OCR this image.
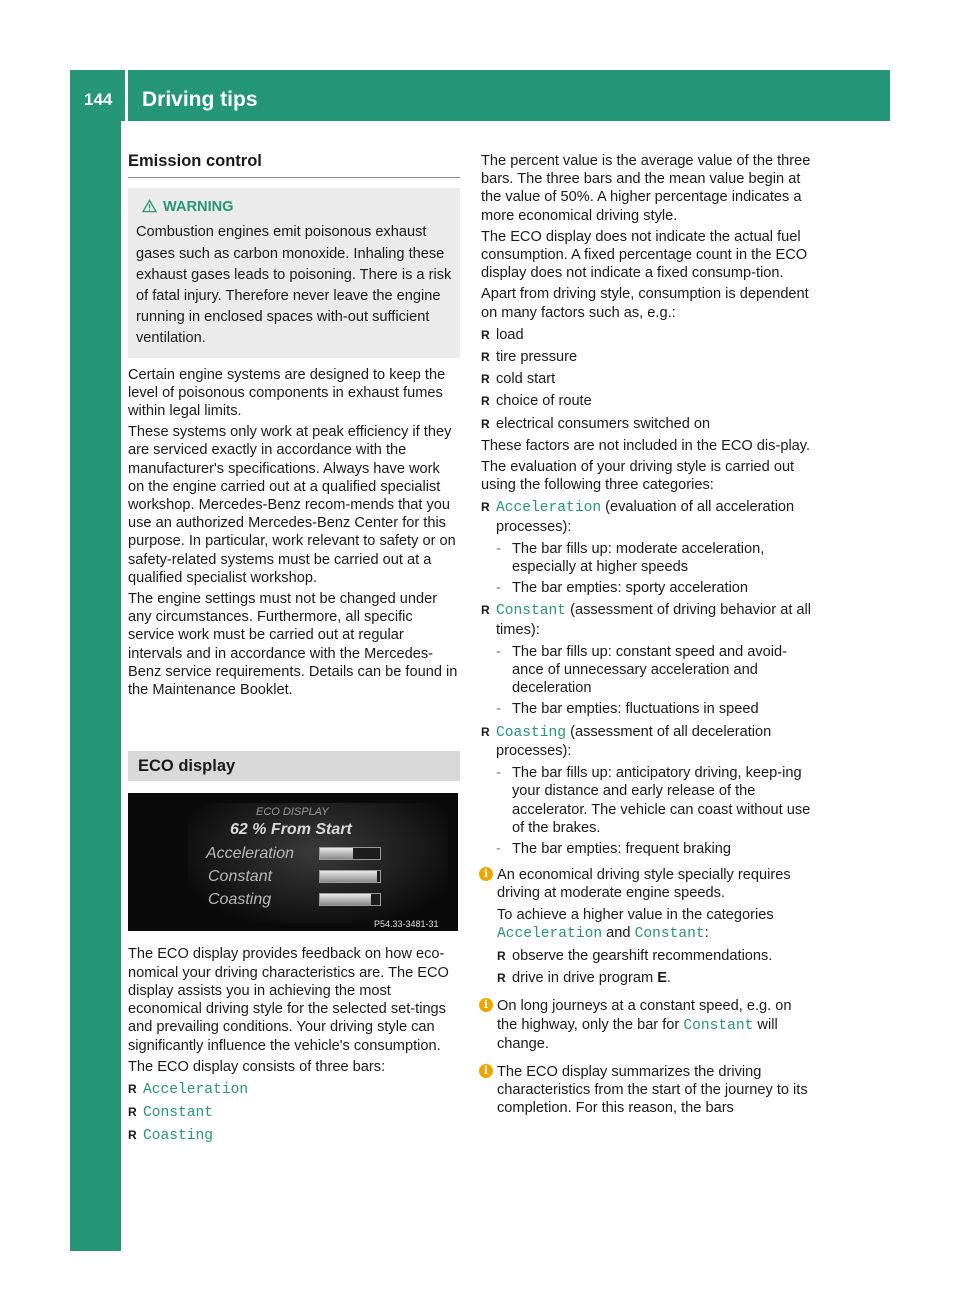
144 Driving tips
Driving and parking
Emission control
WARNING

Combustion engines emit poisonous exhaust gases such as carbon monoxide. Inhaling these exhaust gases leads to poisoning. There is a risk of fatal injury. Therefore never leave the engine running in enclosed spaces with-out sufficient ventilation.

Certain engine systems are designed to keep the level of poisonous components in exhaust fumes within legal limits.

These systems only work at peak efficiency if they are serviced exactly in accordance with the manufacturer's specifications. Always have work on the engine carried out at a qualified specialist workshop. Mercedes-Benz recom-mends that you use an authorized Mercedes-Benz Center for this purpose. In particular, work relevant to safety or on safety-related systems must be carried out at a qualified specialist workshop.

The engine settings must not be changed under any circumstances. Furthermore, all specific service work must be carried out at regular intervals and in accordance with the Mercedes-Benz service requirements. Details can be found in the Maintenance Booklet.

ECO display
ECO DISPLAY
62 % From Start
Acceleration
Constant
Coasting
P54.33-3481-31

The ECO display provides feedback on how eco-nomical your driving characteristics are. The ECO display assists you in achieving the most economical driving style for the selected set-tings and prevailing conditions. Your driving style can significantly influence the vehicle's consumption.

The ECO display consists of three bars:

R Acceleration
R Constant
R Coasting

The percent value is the average value of the three bars. The three bars and the mean value begin at the value of 50%. A higher percentage indicates a more economical driving style.

The ECO display does not indicate the actual fuel consumption. A fixed percentage count in the ECO display does not indicate a fixed consump-tion.

Apart from driving style, consumption is dependent on many factors such as, e.g.:

R load
R tire pressure
R cold start
R choice of route
R electrical consumers switched on

These factors are not included in the ECO dis-play.

The evaluation of your driving style is carried out using the following three categories:

R Acceleration (evaluation of all acceleration processes):
- The bar fills up: moderate acceleration, especially at higher speeds
- The bar empties: sporty acceleration
R Constant (assessment of driving behavior at all times):
- The bar fills up: constant speed and avoid-ance of unnecessary acceleration and deceleration
- The bar empties: fluctuations in speed
R Coasting (assessment of all deceleration processes):
- The bar fills up: anticipatory driving, keep-ing your distance and early release of the accelerator. The vehicle can coast without use of the brakes.
- The bar empties: frequent braking
i An economical driving style specially requires driving at moderate engine speeds.

To achieve a higher value in the categories
Acceleration and Constant:

R observe the gearshift recommendations.
R drive in drive program E.
i On long journeys at a constant speed, e.g. on the highway, only the bar for Constant will change.

i The ECO display summarizes the driving characteristics from the start of the journey to its completion. For this reason, the bars
